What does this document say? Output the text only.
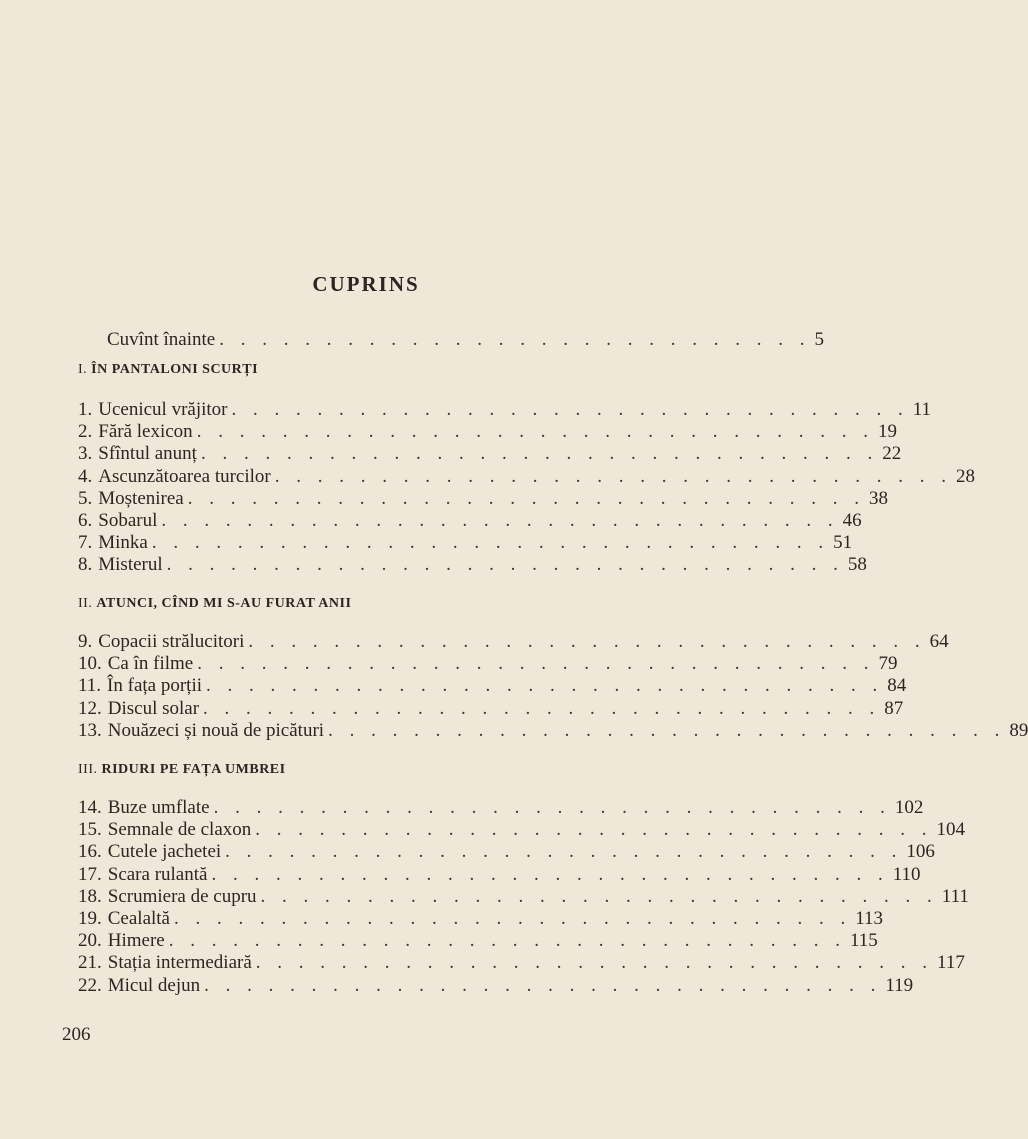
CUPRINS
Cuvînt înainte . . . . . . . . . . . . . . . . . . . . . . . . . . . . 5
I. ÎN PANTALONI SCURȚI
1. Ucenicul vrăjitor . . . . . . . . . . . . . . . . . . . . . . . . . . . . . . . . 11
2. Fără lexicon . . . . . . . . . . . . . . . . . . . . . . . . . . . . . . . . 19
3. Sfîntul anunț . . . . . . . . . . . . . . . . . . . . . . . . . . . . . . . . 22
4. Ascunzătoarea turcilor . . . . . . . . . . . . . . . . . . . . . . . . . . . . . . . . 28
5. Moștenirea . . . . . . . . . . . . . . . . . . . . . . . . . . . . . . . . 38
6. Sobarul . . . . . . . . . . . . . . . . . . . . . . . . . . . . . . . . 46
7. Minka . . . . . . . . . . . . . . . . . . . . . . . . . . . . . . . . 51
8. Misterul . . . . . . . . . . . . . . . . . . . . . . . . . . . . . . . . 58
II. ATUNCI, CÎND MI S-AU FURAT ANII
9. Copacii strălucitori . . . . . . . . . . . . . . . . . . . . . . . . . . . . . . . . 64
10. Ca în filme . . . . . . . . . . . . . . . . . . . . . . . . . . . . . . . . 79
11. În fața porții . . . . . . . . . . . . . . . . . . . . . . . . . . . . . . . . 84
12. Discul solar . . . . . . . . . . . . . . . . . . . . . . . . . . . . . . . . 87
13. Nouăzeci și nouă de picături . . . . . . . . . . . . . . . . . . . . . . . . . . . . . . . . 89
III. RIDURI PE FAȚA UMBREI
14. Buze umflate . . . . . . . . . . . . . . . . . . . . . . . . . . . . . . . . 102
15. Semnale de claxon . . . . . . . . . . . . . . . . . . . . . . . . . . . . . . . . 104
16. Cutele jachetei . . . . . . . . . . . . . . . . . . . . . . . . . . . . . . . . 106
17. Scara rulantă . . . . . . . . . . . . . . . . . . . . . . . . . . . . . . . . 110
18. Scrumiera de cupru . . . . . . . . . . . . . . . . . . . . . . . . . . . . . . . . 111
19. Cealaltă . . . . . . . . . . . . . . . . . . . . . . . . . . . . . . . . 113
20. Himere . . . . . . . . . . . . . . . . . . . . . . . . . . . . . . . . 115
21. Stația intermediară . . . . . . . . . . . . . . . . . . . . . . . . . . . . . . . . 117
22. Micul dejun . . . . . . . . . . . . . . . . . . . . . . . . . . . . . . . . 119
206
